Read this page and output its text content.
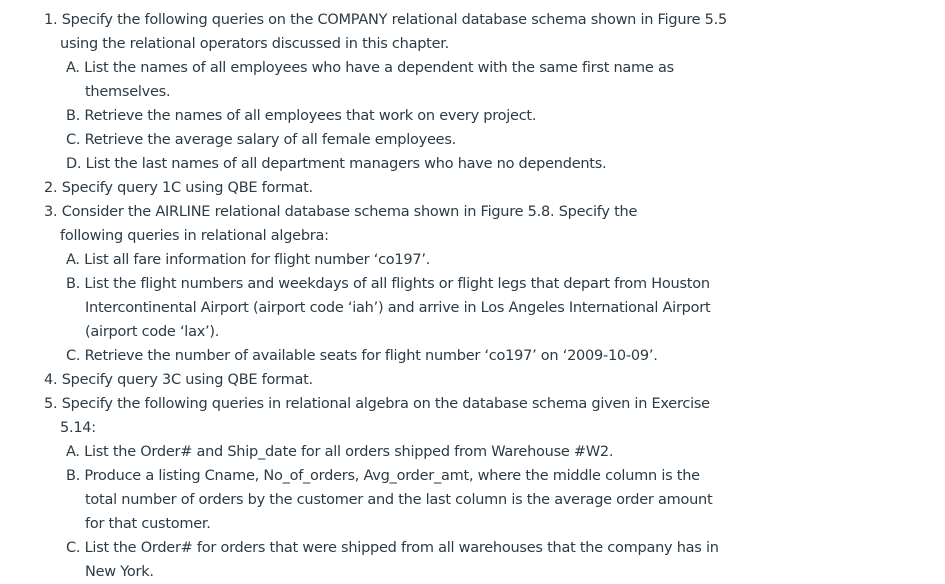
1. Specify the following queries on the COMPANY relational database schema shown in Figure 5.5
using the relational operators discussed in this chapter.
A. List the names of all employees who have a dependent with the same first name as
themselves.
B. Retrieve the names of all employees that work on every project.
C. Retrieve the average salary of all female employees.
D. List the last names of all department managers who have no dependents.
2. Specify query 1C using QBE format.
3. Consider the AIRLINE relational database schema shown in Figure 5.8. Specify the
following queries in relational algebra:
A. List all fare information for flight number ‘co197’.
B. List the flight numbers and weekdays of all flights or flight legs that depart from Houston
Intercontinental Airport (airport code ‘iah’) and arrive in Los Angeles International Airport
(airport code ‘lax’).
C. Retrieve the number of available seats for flight number ‘co197’ on ‘2009-10-09’.
4. Specify query 3C using QBE format.
5. Specify the following queries in relational algebra on the database schema given in Exercise
5.14:
A. List the Order# and Ship_date for all orders shipped from Warehouse #W2.
B. Produce a listing Cname, No_of_orders, Avg_order_amt, where the middle column is the
total number of orders by the customer and the last column is the average order amount
for that customer.
C. List the Order# for orders that were shipped from all warehouses that the company has in
New York.
